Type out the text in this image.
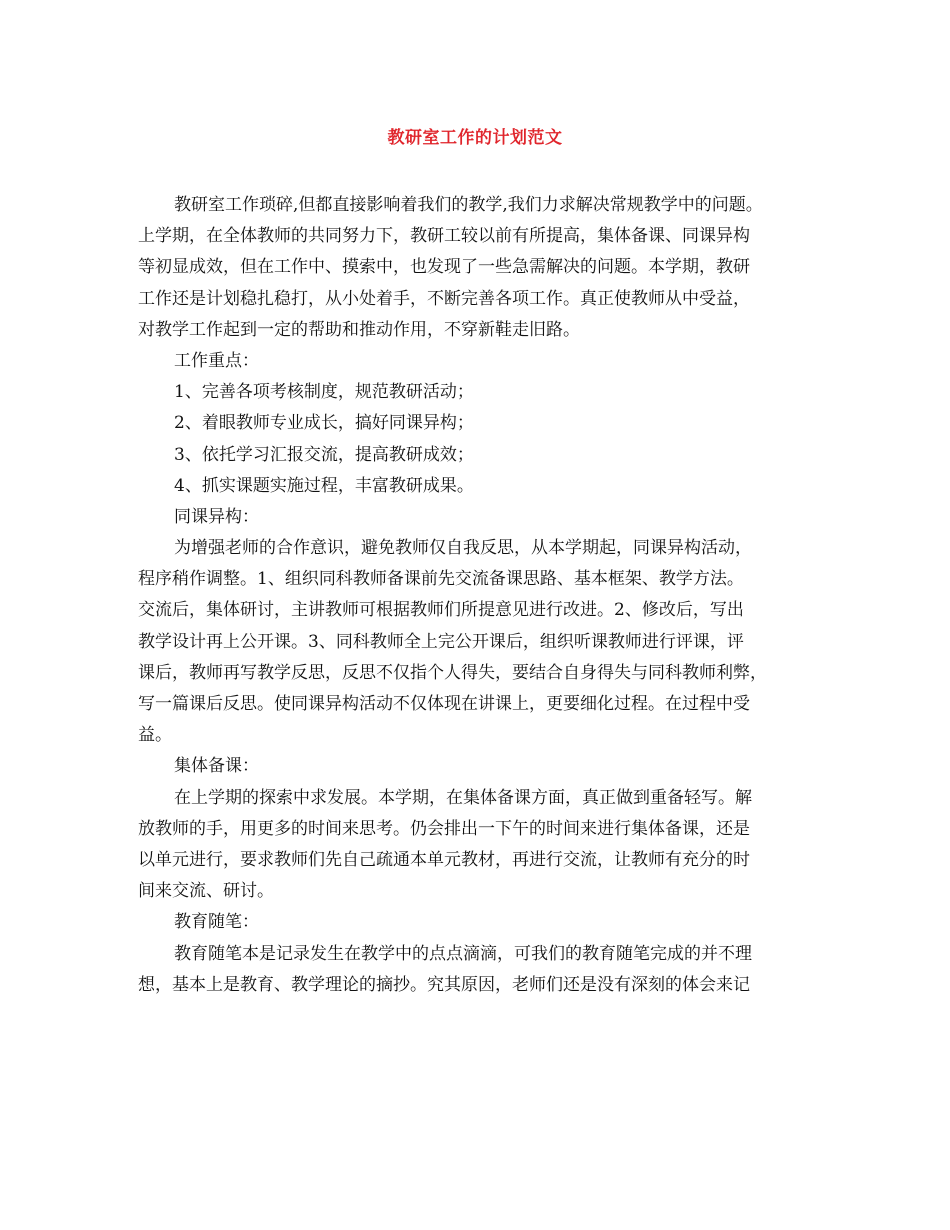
教研室工作的计划范文
教研室工作琐碎,但都直接影响着我们的教学,我们力求解决常规教学中的问题。
上学期，在全体教师的共同努力下，教研工较以前有所提高，集体备课、同课异构
等初显成效，但在工作中、摸索中，也发现了一些急需解决的问题。本学期，教研
工作还是计划稳扎稳打，从小处着手，不断完善各项工作。真正使教师从中受益，
对教学工作起到一定的帮助和推动作用，不穿新鞋走旧路。
工作重点：
1、完善各项考核制度，规范教研活动；
2、着眼教师专业成长，搞好同课异构；
3、依托学习汇报交流，提高教研成效；
4、抓实课题实施过程，丰富教研成果。
同课异构：
为增强老师的合作意识，避免教师仅自我反思，从本学期起，同课异构活动，
程序稍作调整。1、组织同科教师备课前先交流备课思路、基本框架、教学方法。
交流后，集体研讨，主讲教师可根据教师们所提意见进行改进。2、修改后，写出
教学设计再上公开课。3、同科教师全上完公开课后，组织听课教师进行评课，评
课后，教师再写教学反思，反思不仅指个人得失，要结合自身得失与同科教师利弊，
写一篇课后反思。使同课异构活动不仅体现在讲课上，更要细化过程。在过程中受
益。
集体备课：
在上学期的探索中求发展。本学期，在集体备课方面，真正做到重备轻写。解
放教师的手，用更多的时间来思考。仍会排出一下午的时间来进行集体备课，还是
以单元进行，要求教师们先自己疏通本单元教材，再进行交流，让教师有充分的时
间来交流、研讨。
教育随笔：
教育随笔本是记录发生在教学中的点点滴滴，可我们的教育随笔完成的并不理
想，基本上是教育、教学理论的摘抄。究其原因，老师们还是没有深刻的体会来记
